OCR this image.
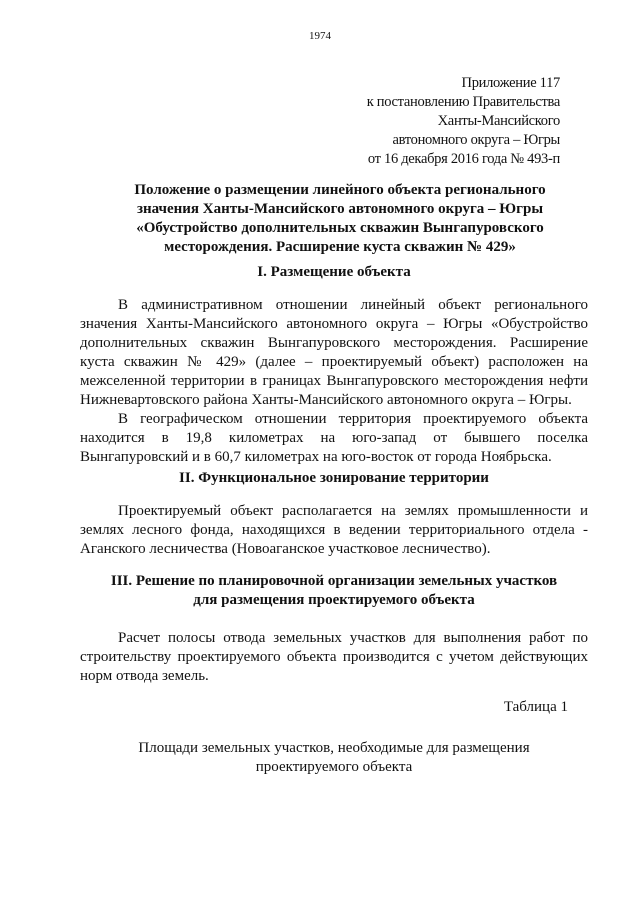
1974
Приложение 117
к постановлению Правительства
Ханты-Мансийского
автономного округа – Югры
от 16 декабря 2016 года № 493-п
Положение о размещении линейного объекта регионального
значения Ханты-Мансийского автономного округа – Югры
«Обустройство дополнительных скважин Вынгапуровского
месторождения. Расширение куста скважин № 429»
I. Размещение объекта
В административном отношении линейный объект регионального
значения Ханты-Мансийского автономного округа – Югры «Обустройство
дополнительных скважин Вынгапуровского месторождения. Расширение
куста скважин № 429» (далее – проектируемый объект) расположен на
межселенной территории в границах Вынгапуровского месторождения нефти
Нижневартовского района Ханты-Мансийского автономного округа – Югры.
В географическом отношении территория проектируемого объекта
находится в 19,8 километрах на юго-запад от бывшего поселка
Вынгапуровский и в 60,7 километрах на юго-восток от города Ноябрьска.
II. Функциональное зонирование территории
Проектируемый объект располагается на землях промышленности и
землях лесного фонда, находящихся в ведении территориального отдела -
Аганского лесничества (Новоаганское участковое лесничество).
III. Решение по планировочной организации земельных участков
для размещения проектируемого объекта
Расчет полосы отвода земельных участков для выполнения работ по
строительству проектируемого объекта производится с учетом действующих
норм отвода земель.
Таблица 1
Площади земельных участков, необходимые для размещения
проектируемого объекта
